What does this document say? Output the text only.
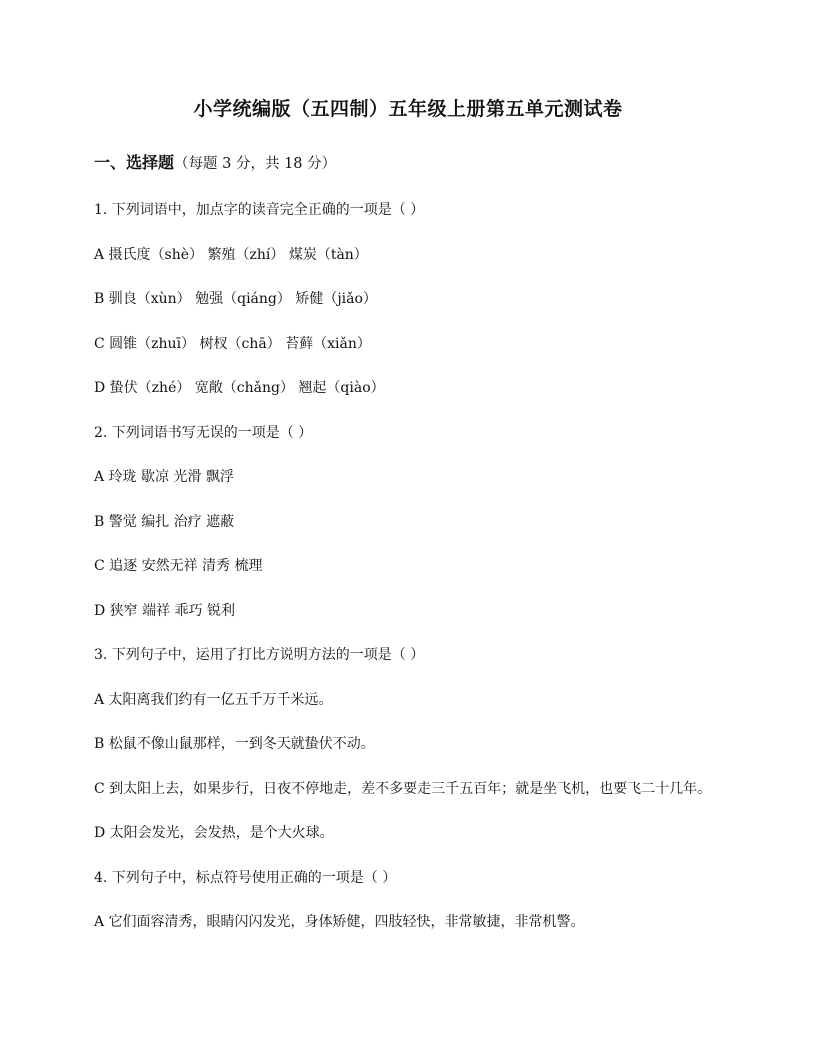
小学统编版（五四制）五年级上册第五单元测试卷
一、选择题（每题 3 分，共 18 分）
1. 下列词语中，加点字的读音完全正确的一项是（ ）
A 摄氏度（shè） 繁殖（zhí） 煤炭（tàn）
B 驯良（xùn） 勉强（qiáng） 矫健（jiǎo）
C 圆锥（zhuī） 树杈（chā） 苔藓（xiǎn）
D 蛰伏（zhé） 宽敞（chǎng） 翘起（qiào）
2. 下列词语书写无误的一项是（ ）
A 玲珑 歇凉 光滑 飘浮
B 警觉 编扎 治疗 遮蔽
C 追逐 安然无祥 清秀 梳理
D 狭窄 端祥 乖巧 锐利
3. 下列句子中，运用了打比方说明方法的一项是（ ）
A 太阳离我们约有一亿五千万千米远。
B 松鼠不像山鼠那样，一到冬天就蛰伏不动。
C 到太阳上去，如果步行，日夜不停地走，差不多要走三千五百年；就是坐飞机，也要飞二十几年。
D 太阳会发光，会发热，是个大火球。
4. 下列句子中，标点符号使用正确的一项是（ ）
A 它们面容清秀，眼睛闪闪发光，身体矫健，四肢轻快，非常敏捷，非常机警。
